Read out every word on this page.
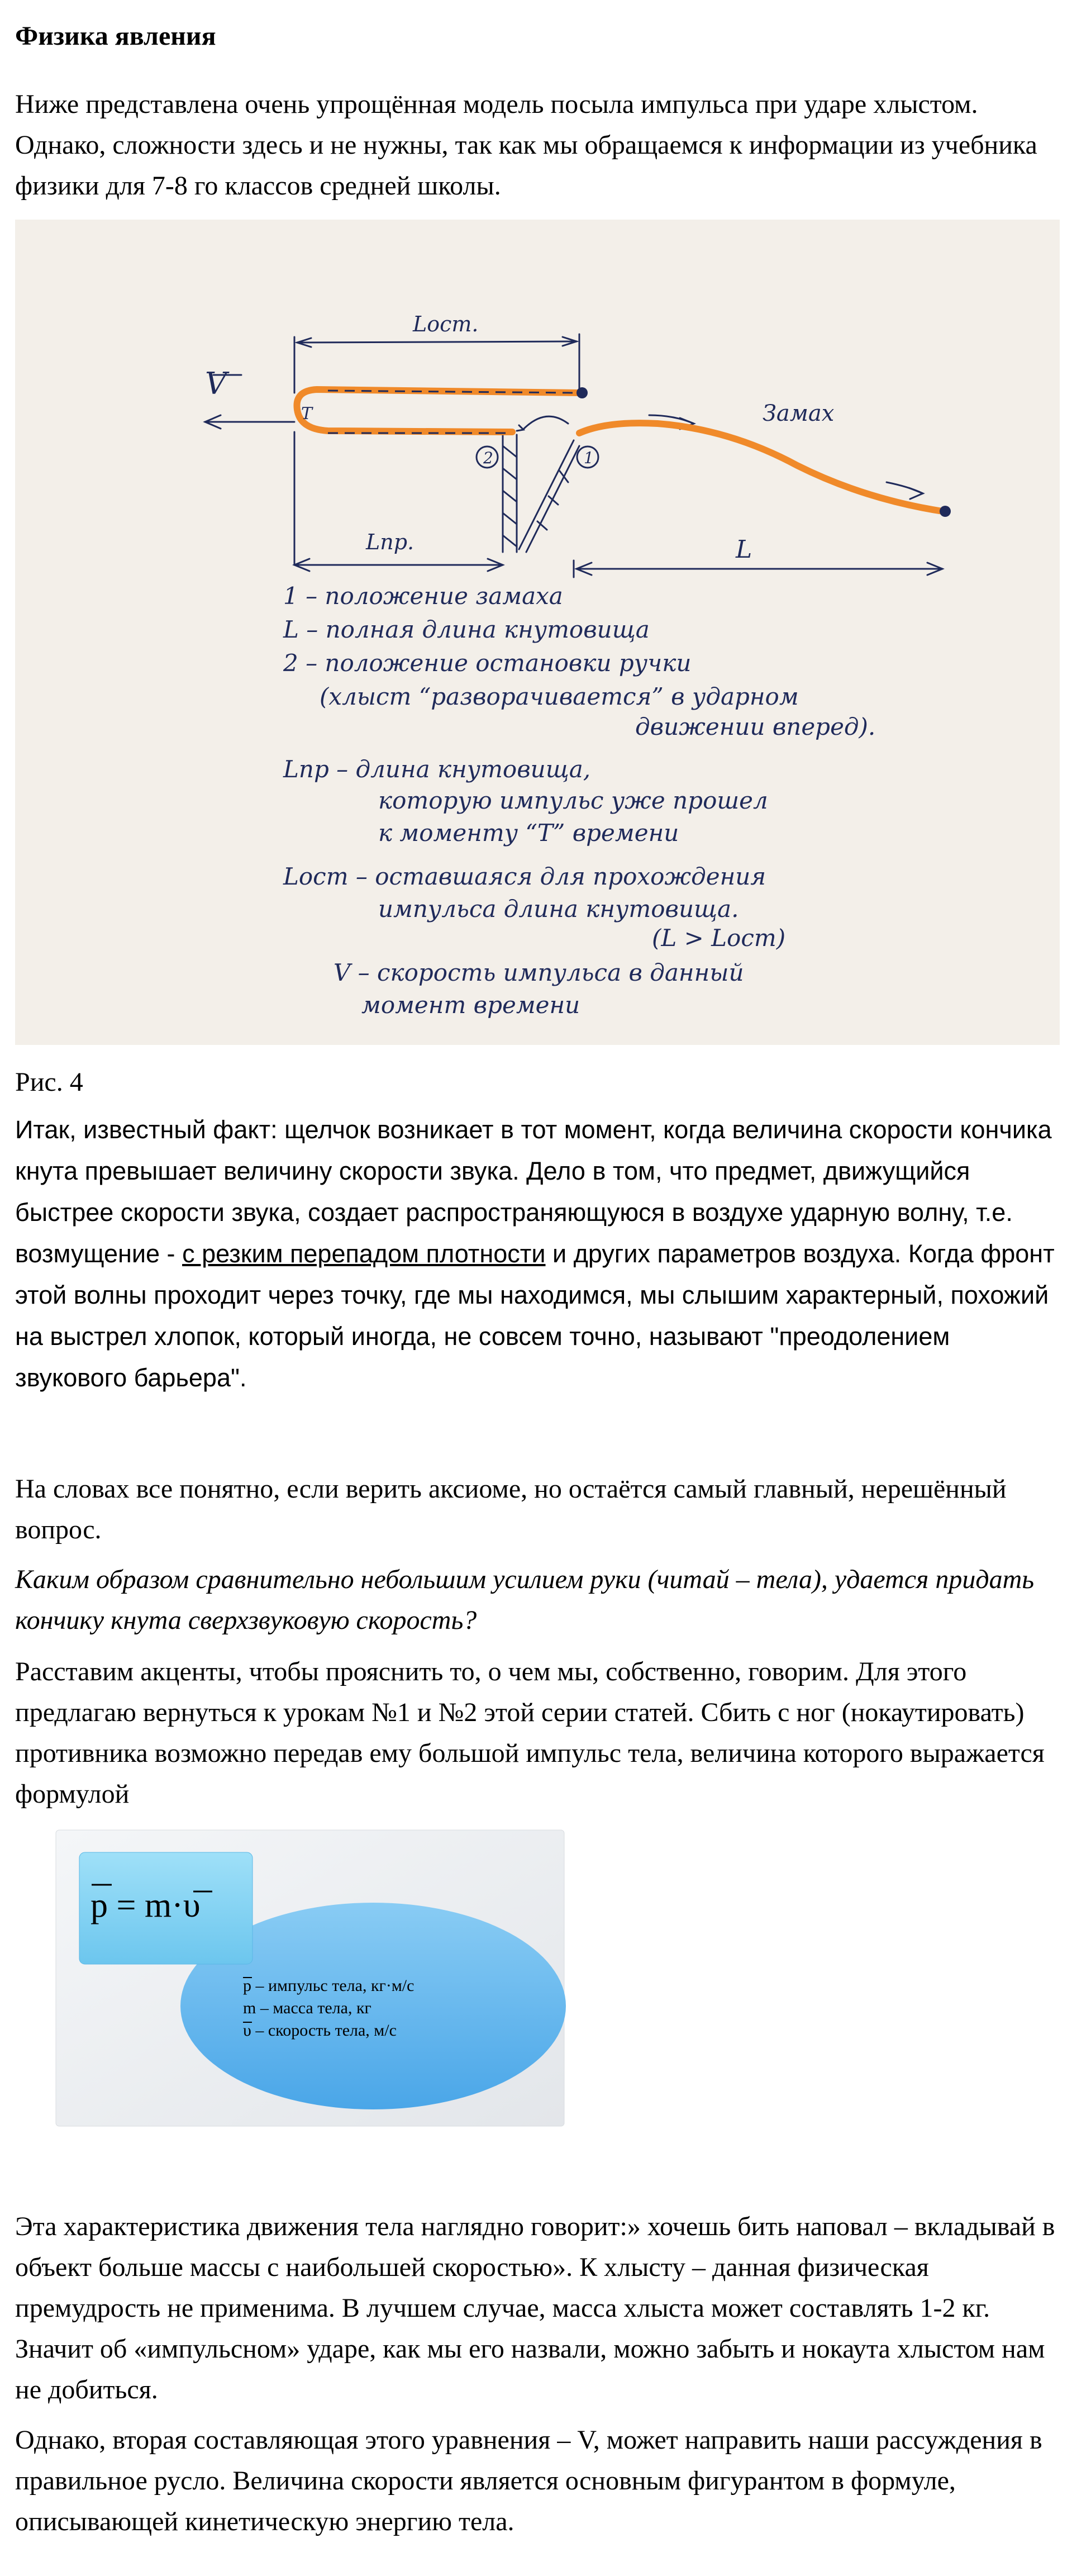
Физика явления

Ниже представлена очень упрощённая модель посыла импульса при ударе хлыстом. Однако, сложности здесь и не нужны, так как мы обращаемся к информации из учебника физики для 7-8 го классов средней школы.

Lост.
V
T	Замах
Lпр.	L
2	1
1 – положение замаха
L – полная длина кнутовища
2 – положение остановки ручки
(хлыст “разворачивается” в ударном
движении вперед).
Lпр – длина кнутовища,
которую импульс уже прошел
к моменту “T” времени
Lост – оставшаяся для прохождения
импульса длина кнутовища.
(L > Lост)
V – скорость импульса в данный
момент времени

Рис. 4

Итак, известный факт: щелчок возникает в тот момент, когда величина скорости кончика кнута превышает величину скорости звука. Дело в том, что предмет, движущийся быстрее скорости звука, создает распространяющуюся в воздухе ударную волну, т.е. возмущение - с резким перепадом плотности и других параметров воздуха. Когда фронт этой волны проходит через точку, где мы находимся, мы слышим характерный, похожий на выстрел хлопок, который иногда, не совсем точно, называют "преодолением звукового барьера".

На словах все понятно, если верить аксиоме, но остаётся самый главный, нерешённый вопрос.

Каким образом сравнительно небольшим усилием руки (читай – тела), удается придать кончику кнута сверхзвуковую скорость?

Расставим акценты, чтобы прояснить то, о чем мы, собственно, говорим. Для этого предлагаю вернуться к урокам №1 и №2 этой серии статей. Сбить с ног (нокаутировать) противника возможно передав ему большой импульс тела, величина которого выражается формулой

p = m·υ
p – импульс тела, кг·м/с
m – масса тела, кг
υ – скорость тела, м/с

Эта характеристика движения тела наглядно говорит:» хочешь бить наповал – вкладывай в объект больше массы с наибольшей скоростью». К хлысту – данная физическая премудрость не применима. В лучшем случае, масса хлыста может составлять 1-2 кг. Значит об «импульсном» ударе, как мы его назвали, можно забыть и нокаута хлыстом нам не добиться.

Однако, вторая составляющая этого уравнения – V, может направить наши рассуждения в правильное русло. Величина скорости является основным фигурантом в формуле, описывающей кинетическую энергию тела.
